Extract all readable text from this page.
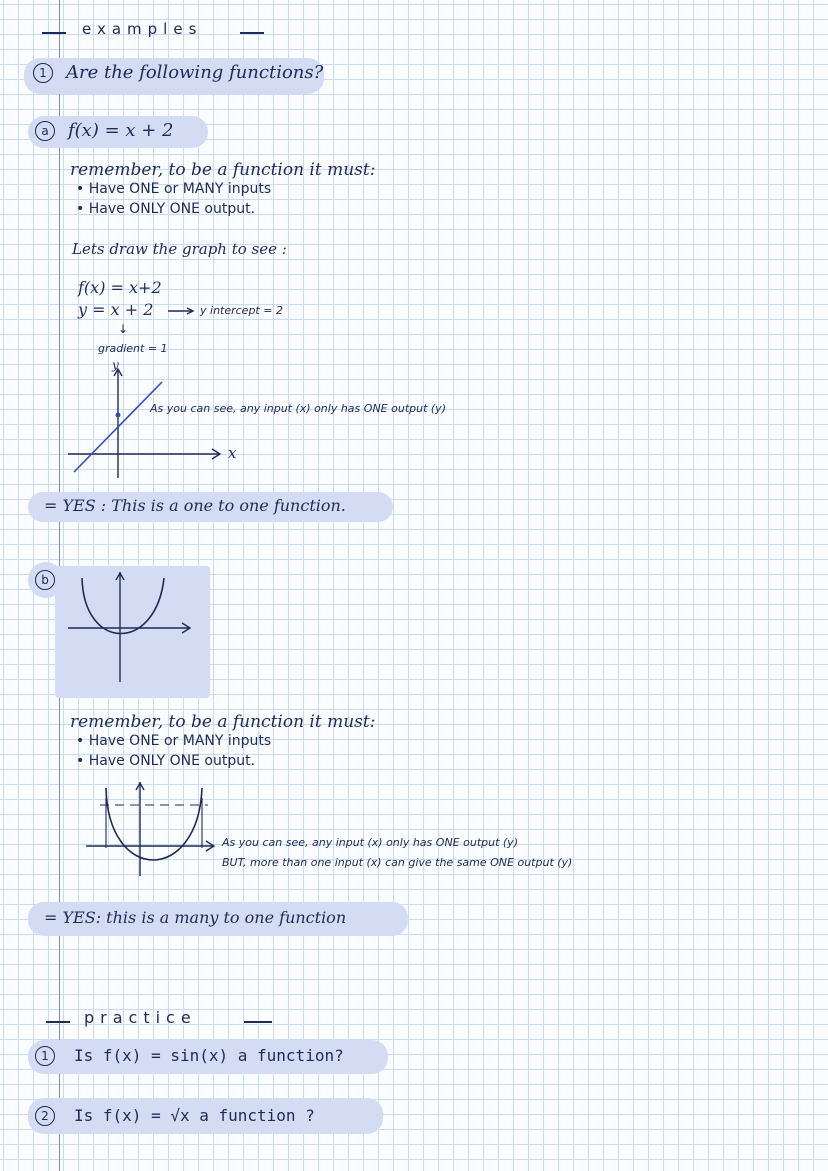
examples
1	Are the following functions?
a	f(x) = x + 2
remember, to be a function it must:
• Have ONE or MANY inputs
• Have ONLY ONE output.
Lets draw the graph to see :
f(x) = x+2
y = x + 2	y intercept = 2
↓
gradient = 1
y
x
As you can see, any input (x) only has ONE output (y)
= YES : This is a one to one function.
b
remember, to be a function it must:
• Have ONE or MANY inputs
• Have ONLY ONE output.
As you can see, any input (x) only has ONE output (y)
BUT, more than one input (x) can give the same ONE output (y)
= YES: this is a many to one function
practice
1	Is f(x) = sin(x) a function?
2	Is f(x) = √x a function ?
